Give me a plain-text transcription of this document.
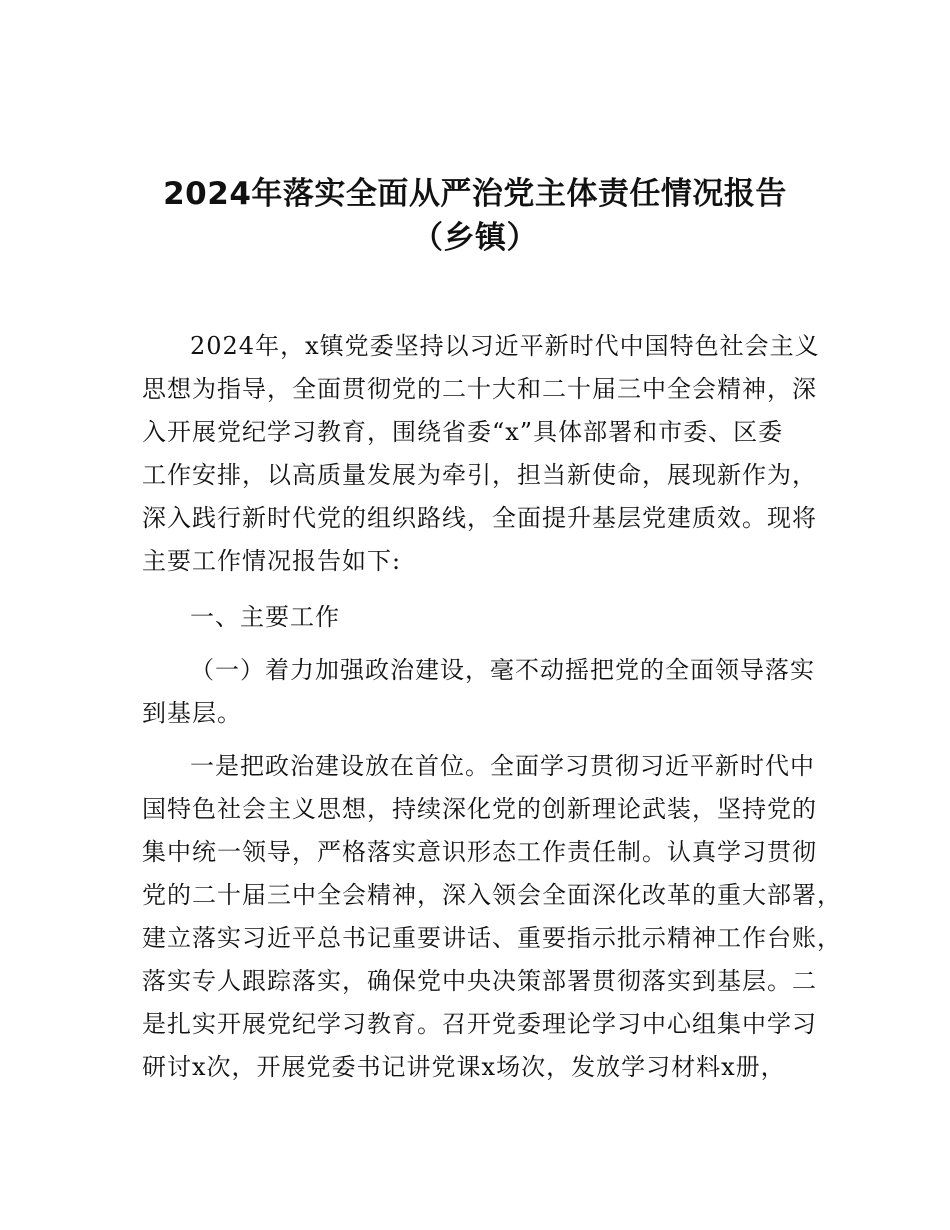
2024年落实全面从严治党主体责任情况报告
（乡镇）
2024年，x镇党委坚持以习近平新时代中国特色社会主义
思想为指导，全面贯彻党的二十大和二十届三中全会精神，深
入开展党纪学习教育，围绕省委“x”具体部署和市委、区委
工作安排，以高质量发展为牵引，担当新使命，展现新作为，
深入践行新时代党的组织路线，全面提升基层党建质效。现将
主要工作情况报告如下:
一、主要工作
（一）着力加强政治建设，毫不动摇把党的全面领导落实
到基层。
一是把政治建设放在首位。全面学习贯彻习近平新时代中
国特色社会主义思想，持续深化党的创新理论武装，坚持党的
集中统一领导，严格落实意识形态工作责任制。认真学习贯彻
党的二十届三中全会精神，深入领会全面深化改革的重大部署，
建立落实习近平总书记重要讲话、重要指示批示精神工作台账，
落实专人跟踪落实，确保党中央决策部署贯彻落实到基层。二
是扎实开展党纪学习教育。召开党委理论学习中心组集中学习
研讨x次，开展党委书记讲党课x场次，发放学习材料x册，
